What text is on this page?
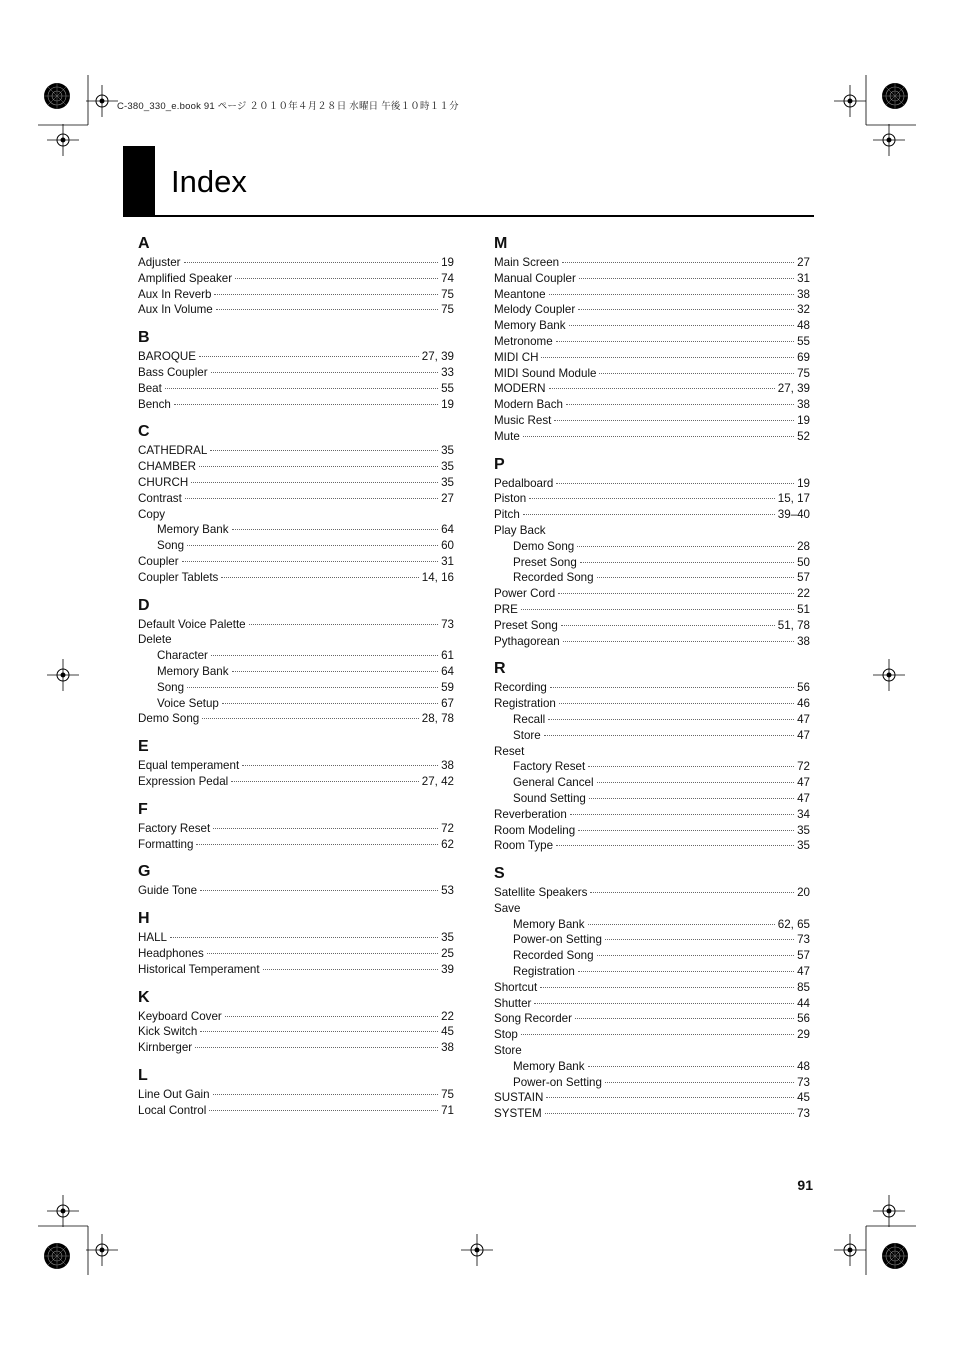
C-380_330_e.book 91 ページ ２０１０年４月２８日 水曜日 午後１０時１１分
Index
A
Adjuster	19
Amplified Speaker	74
Aux In Reverb	75
Aux In Volume	75
B
BAROQUE	27, 39
Bass Coupler	33
Beat	55
Bench	19
C
CATHEDRAL	35
CHAMBER	35
CHURCH	35
Contrast	27
Copy
Memory Bank	64
Song	60
Coupler	31
Coupler Tablets	14, 16
D
Default Voice Palette	73
Delete
Character	61
Memory Bank	64
Song	59
Voice Setup	67
Demo Song	28, 78
E
Equal temperament	38
Expression Pedal	27, 42
F
Factory Reset	72
Formatting	62
G
Guide Tone	53
H
HALL	35
Headphones	25
Historical Temperament	39
K
Keyboard Cover	22
Kick Switch	45
Kirnberger	38
L
Line Out Gain	75
Local Control	71
M
Main Screen	27
Manual Coupler	31
Meantone	38
Melody Coupler	32
Memory Bank	48
Metronome	55
MIDI CH	69
MIDI Sound Module	75
MODERN	27, 39
Modern Bach	38
Music Rest	19
Mute	52
P
Pedalboard	19
Piston	15, 17
Pitch	39–40
Play Back
Demo Song	28
Preset Song	50
Recorded Song	57
Power Cord	22
PRE	51
Preset Song	51, 78
Pythagorean	38
R
Recording	56
Registration	46
Recall	47
Store	47
Reset
Factory Reset	72
General Cancel	47
Sound Setting	47
Reverberation	34
Room Modeling	35
Room Type	35
S
Satellite Speakers	20
Save
Memory Bank	62, 65
Power-on Setting	73
Recorded Song	57
Registration	47
Shortcut	85
Shutter	44
Song Recorder	56
Stop	29
Store
Memory Bank	48
Power-on Setting	73
SUSTAIN	45
SYSTEM	73
91
